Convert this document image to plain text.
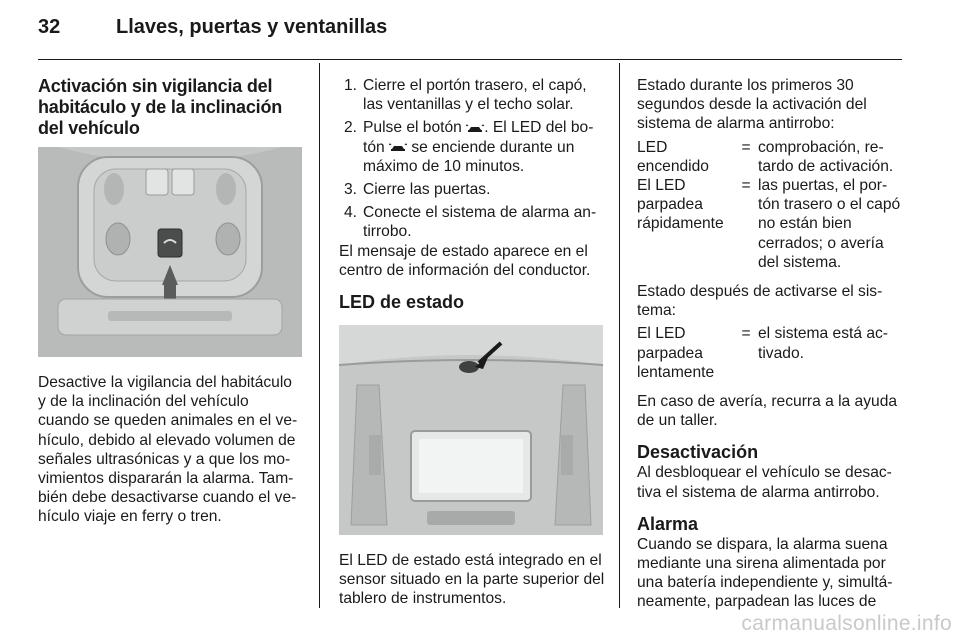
32	Llaves, puertas y ventanillas
Activación sin vigilancia del habitáculo y de la inclinación del vehículo

Desactive la vigilancia del habitáculo y de la inclinación del vehículo cuando se queden animales en el ve-hículo, debido al elevado volumen de señales ultrasónicas y a que los mo-vimientos dispararán la alarma. Tam-bién debe desactivarse cuando el ve-hículo viaje en ferry o tren.

1. Cierre el portón trasero, el capó, las ventanillas y el techo solar.
2. Pulse el botón . El LED del bo-tón se enciende durante un máximo de 10 minutos.
3. Cierre las puertas.
4. Conecte el sistema de alarma an-tirrobo.

El mensaje de estado aparece en el centro de información del conductor.

LED de estado

El LED de estado está integrado en el sensor situado en la parte superior del tablero de instrumentos.

Estado durante los primeros 30 segundos desde la activación del sistema de alarma antirrobo:

LED encendido	=	comprobación, re-tardo de activación.
El LED parpadea rápidamente	=	las puertas, el por-tón trasero o el capó no están bien cerrados; o avería del sistema.

Estado después de activarse el sis-tema:

El LED parpadea lentamente	=	el sistema está ac-tivado.

En caso de avería, recurra a la ayuda de un taller.

Desactivación

Al desbloquear el vehículo se desac-tiva el sistema de alarma antirrobo.

Alarma

Cuando se dispara, la alarma suena mediante una sirena alimentada por una batería independiente y, simultá-neamente, parpadean las luces de

carmanualsonline.info
